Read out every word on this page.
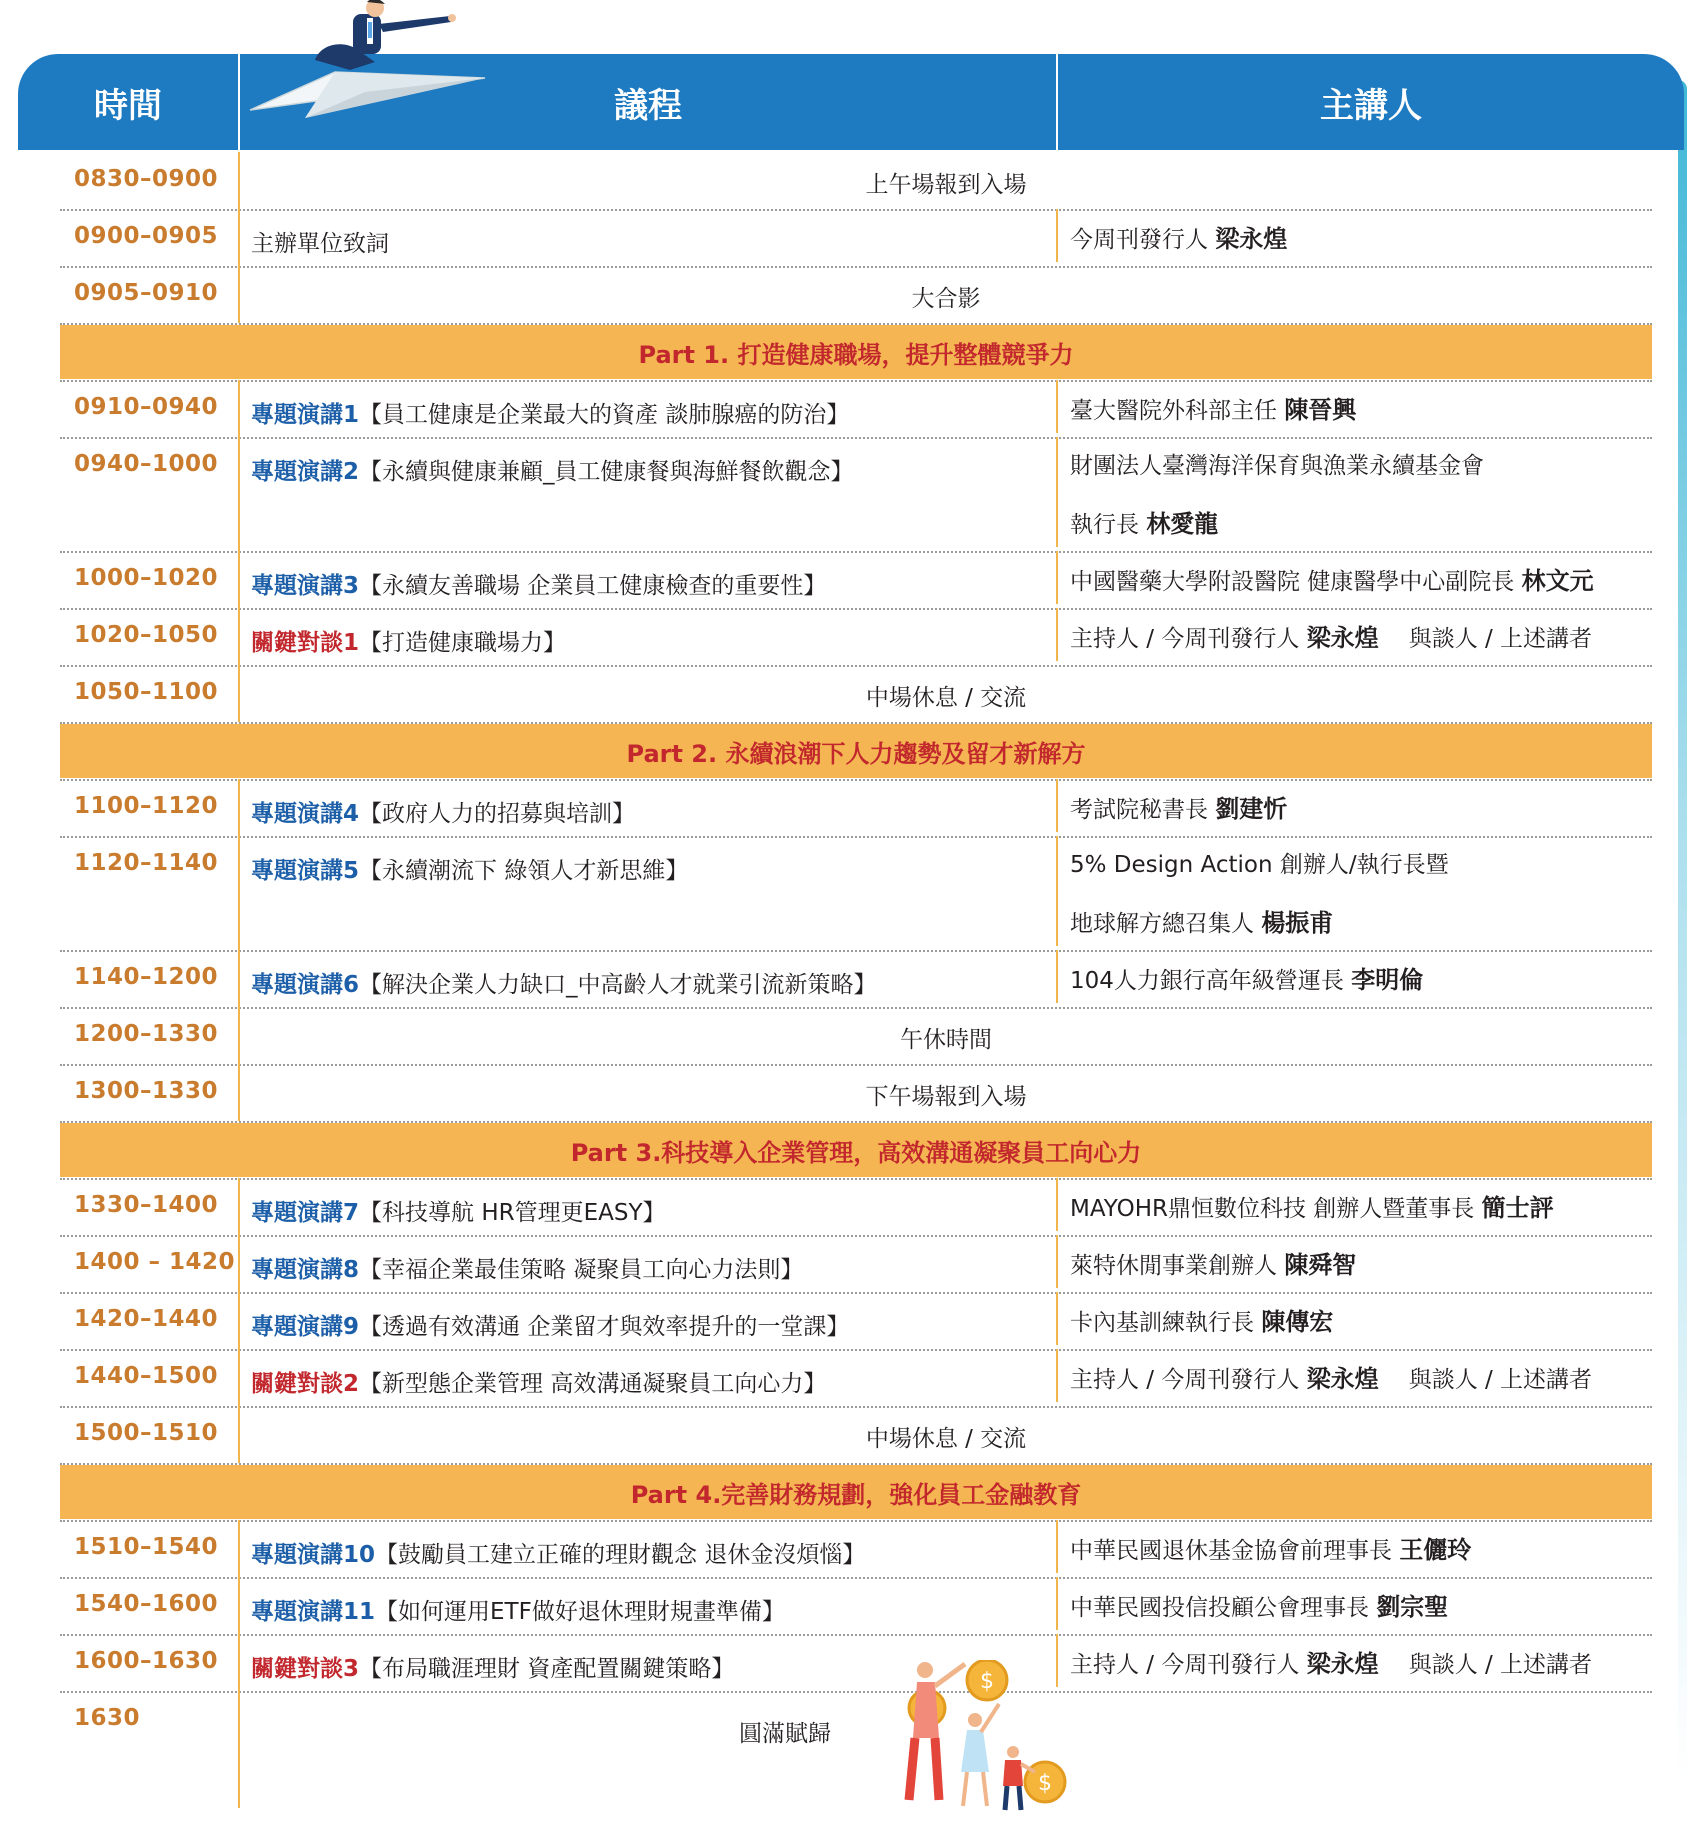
時間	議程	主講人
0830–0900	上午場報到入場
0900–0905 主辦單位致詞	今周刊發行人 梁永煌
0905–0910	大合影
Part 1. 打造健康職場，提升整體競爭力
0910–0940 專題演講1【員工健康是企業最大的資產 談肺腺癌的防治】	臺大醫院外科部主任 陳晉興
0940–1000 專題演講2【永續與健康兼顧_員工健康餐與海鮮餐飲觀念】	財團法人臺灣海洋保育與漁業永續基金會
執行長 林愛龍
1000–1020 專題演講3【永續友善職場 企業員工健康檢查的重要性】	中國醫藥大學附設醫院 健康醫學中心副院長 林文元
1020–1050 關鍵對談1【打造健康職場力】	主持人 / 今周刊發行人 梁永煌 與談人 / 上述講者
1050–1100	中場休息 / 交流
Part 2. 永續浪潮下人力趨勢及留才新解方
1100–1120 專題演講4【政府人力的招募與培訓】	考試院秘書長 劉建忻
1120–1140 專題演講5【永續潮流下 綠領人才新思維】	5% Design Action 創辦人/執行長暨
地球解方總召集人 楊振甫
1140–1200 專題演講6【解決企業人力缺口_中高齡人才就業引流新策略】	104人力銀行高年級營運長 李明倫
1200–1330	午休時間
1300–1330	下午場報到入場
Part 3.科技導入企業管理，高效溝通凝聚員工向心力
1330–1400 專題演講7【科技導航 HR管理更EASY】	MAYOHR鼎恒數位科技 創辦人暨董事長 簡士評
1400 – 1420 專題演講8【幸福企業最佳策略 凝聚員工向心力法則】	萊特休閒事業創辦人 陳舜智
1420–1440 專題演講9【透過有效溝通 企業留才與效率提升的一堂課】	卡內基訓練執行長 陳傳宏
1440–1500 關鍵對談2【新型態企業管理 高效溝通凝聚員工向心力】	主持人 / 今周刊發行人 梁永煌 與談人 / 上述講者
1500–1510	中場休息 / 交流
Part 4.完善財務規劃，強化員工金融教育
1510–1540 專題演講10【鼓勵員工建立正確的理財觀念 退休金沒煩惱】	中華民國退休基金協會前理事長 王儷玲
1540–1600 專題演講11【如何運用ETF做好退休理財規畫準備】	中華民國投信投顧公會理事長 劉宗聖
1600–1630 關鍵對談3【布局職涯理財 資產配置關鍵策略】	主持人 / 今周刊發行人 梁永煌 與談人 / 上述講者
1630
圓滿賦歸
$
$
